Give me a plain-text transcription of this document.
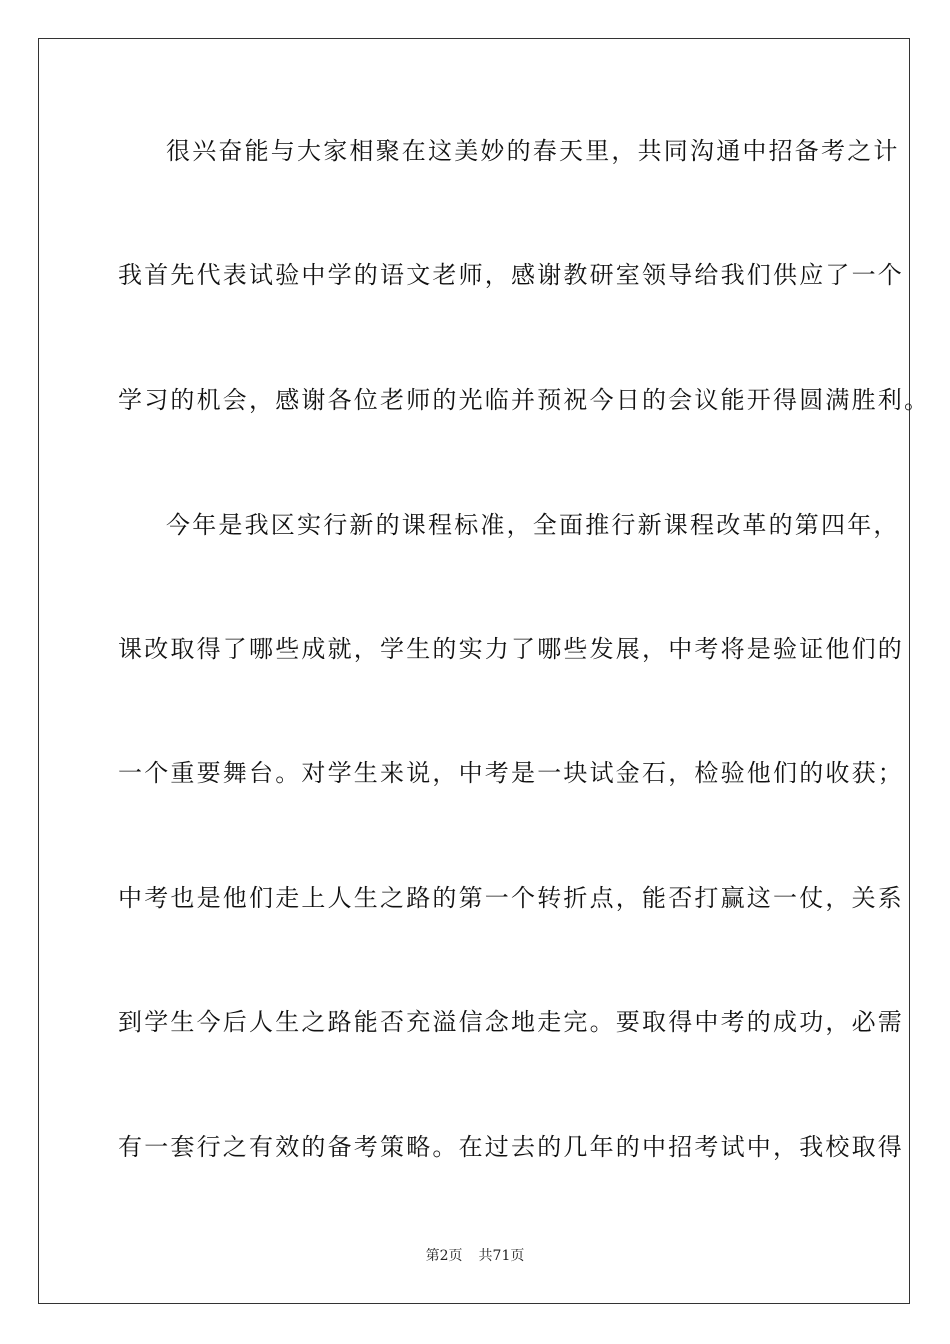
很兴奋能与大家相聚在这美妙的春天里，共同沟通中招备考之计
我首先代表试验中学的语文老师，感谢教研室领导给我们供应了一个
学习的机会，感谢各位老师的光临并预祝今日的会议能开得圆满胜利。
今年是我区实行新的课程标准，全面推行新课程改革的第四年，
课改取得了哪些成就，学生的实力了哪些发展，中考将是验证他们的
一个重要舞台。对学生来说，中考是一块试金石，检验他们的收获；
中考也是他们走上人生之路的第一个转折点，能否打赢这一仗，关系
到学生今后人生之路能否充溢信念地走完。要取得中考的成功，必需
有一套行之有效的备考策略。在过去的几年的中招考试中，我校取得
第2页 共71页
